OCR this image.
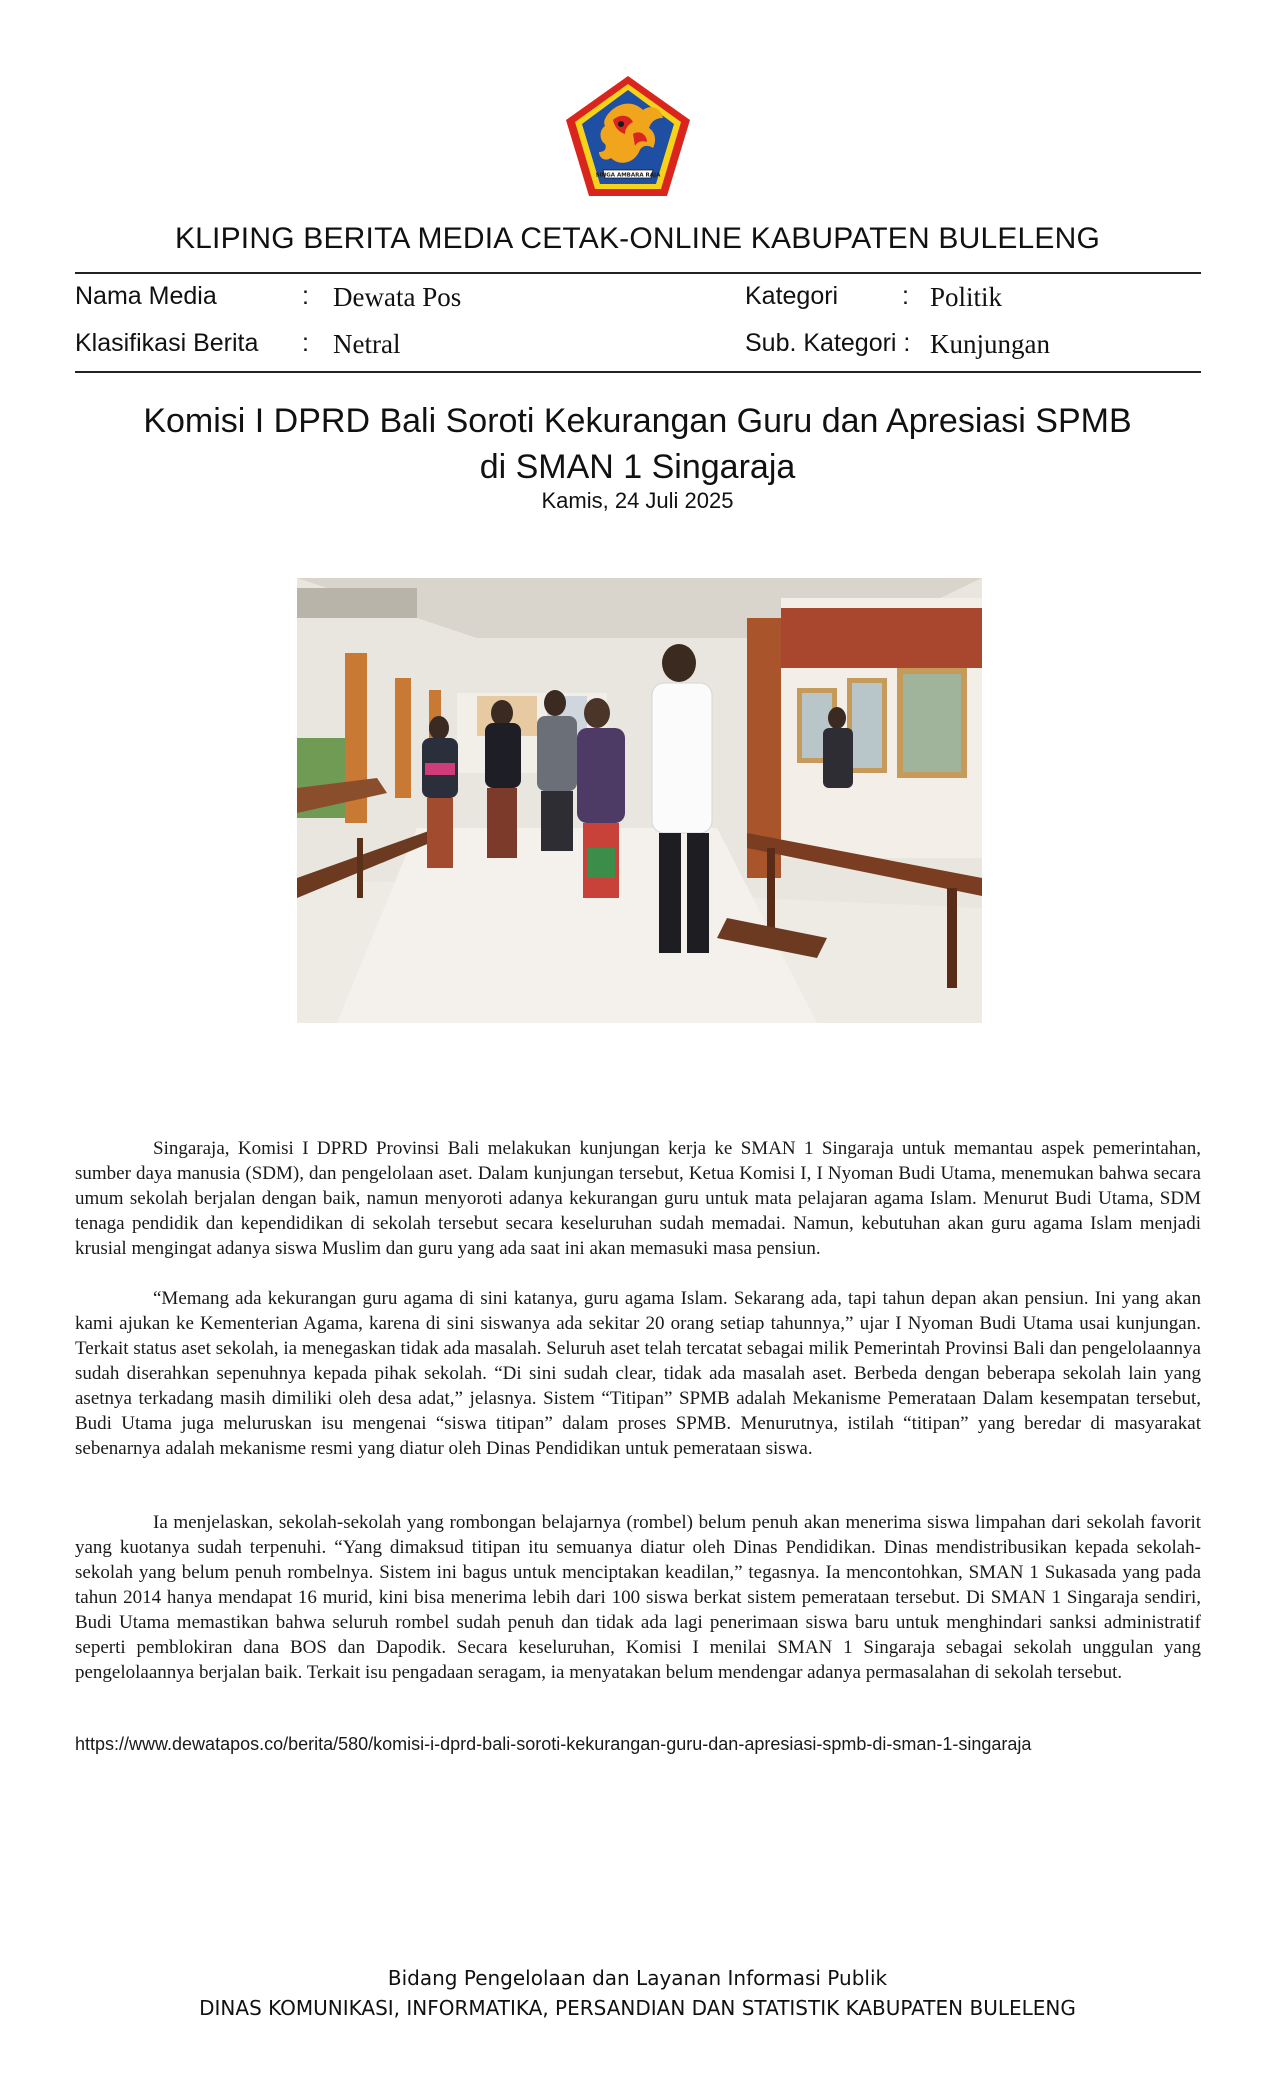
SINGA AMBARA RAJA
KLIPING BERITA MEDIA CETAK-ONLINE KABUPATEN BULELENG
Nama Media	: Dewata Pos	Kategori	: Politik
Klasifikasi Berita : Netral	Sub. Kategori : Kunjungan
Komisi I DPRD Bali Soroti Kekurangan Guru dan Apresiasi SPMB
di SMAN 1 Singaraja
Kamis, 24 Juli 2025

Singaraja, Komisi I DPRD Provinsi Bali melakukan kunjungan kerja ke SMAN 1 Singaraja untuk memantau aspek pemerintahan, sumber daya manusia (SDM), dan pengelolaan aset. Dalam kunjungan tersebut, Ketua Komisi I, I Nyoman Budi Utama, menemukan bahwa secara umum sekolah berjalan dengan baik, namun menyoroti adanya kekurangan guru untuk mata pelajaran agama Islam. Menurut Budi Utama, SDM tenaga pendidik dan kependidikan di sekolah tersebut secara keseluruhan sudah memadai. Namun, kebutuhan akan guru agama Islam menjadi krusial mengingat adanya siswa Muslim dan guru yang ada saat ini akan memasuki masa pensiun.

“Memang ada kekurangan guru agama di sini katanya, guru agama Islam. Sekarang ada, tapi tahun depan akan pensiun. Ini yang akan kami ajukan ke Kementerian Agama, karena di sini siswanya ada sekitar 20 orang setiap tahunnya,” ujar I Nyoman Budi Utama usai kunjungan. Terkait status aset sekolah, ia menegaskan tidak ada masalah. Seluruh aset telah tercatat sebagai milik Pemerintah Provinsi Bali dan pengelolaannya sudah diserahkan sepenuhnya kepada pihak sekolah. “Di sini sudah clear, tidak ada masalah aset. Berbeda dengan beberapa sekolah lain yang asetnya terkadang masih dimiliki oleh desa adat,” jelasnya. Sistem “Titipan” SPMB adalah Mekanisme Pemerataan Dalam kesempatan tersebut, Budi Utama juga meluruskan isu mengenai “siswa titipan” dalam proses SPMB. Menurutnya, istilah “titipan” yang beredar di masyarakat sebenarnya adalah mekanisme resmi yang diatur oleh Dinas Pendidikan untuk pemerataan siswa.

Ia menjelaskan, sekolah-sekolah yang rombongan belajarnya (rombel) belum penuh akan menerima siswa limpahan dari sekolah favorit yang kuotanya sudah terpenuhi. “Yang dimaksud titipan itu semuanya diatur oleh Dinas Pendidikan. Dinas mendistribusikan kepada sekolah-sekolah yang belum penuh rombelnya. Sistem ini bagus untuk menciptakan keadilan,” tegasnya. Ia mencontohkan, SMAN 1 Sukasada yang pada tahun 2014 hanya mendapat 16 murid, kini bisa menerima lebih dari 100 siswa berkat sistem pemerataan tersebut. Di SMAN 1 Singaraja sendiri, Budi Utama memastikan bahwa seluruh rombel sudah penuh dan tidak ada lagi penerimaan siswa baru untuk menghindari sanksi administratif seperti pemblokiran dana BOS dan Dapodik. Secara keseluruhan, Komisi I menilai SMAN 1 Singaraja sebagai sekolah unggulan yang pengelolaannya berjalan baik. Terkait isu pengadaan seragam, ia menyatakan belum mendengar adanya permasalahan di sekolah tersebut.

https://www.dewatapos.co/berita/580/komisi-i-dprd-bali-soroti-kekurangan-guru-dan-apresiasi-spmb-di-sman-1-singaraja
Bidang Pengelolaan dan Layanan Informasi Publik
DINAS KOMUNIKASI, INFORMATIKA, PERSANDIAN DAN STATISTIK KABUPATEN BULELENG
